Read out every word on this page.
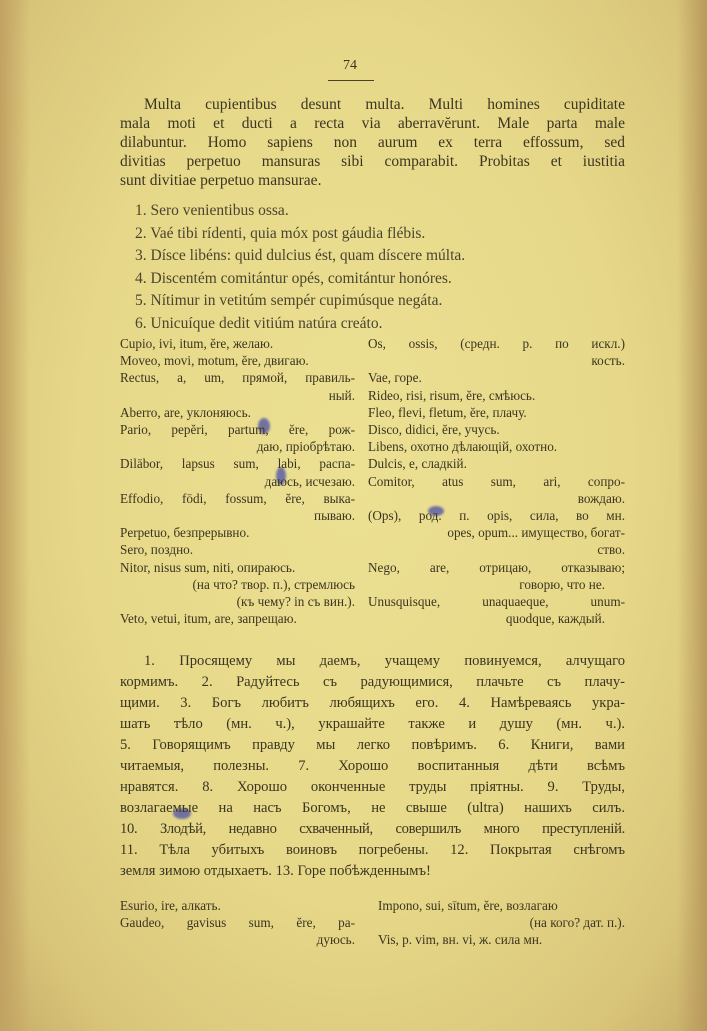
74
Multa cupientibus desunt multa. Multi homines cupiditate
mala moti et ducti a recta via aberravĕrunt. Male parta male
dilabuntur. Homo sapiens non aurum ex terra effossum, sed
divitias perpetuo mansuras sibi comparabit. Probitas et iustitia
sunt divitiae perpetuo mansurae.
1. Sero venientibus ossa.
2. Vaé tibi rídenti, quia móx post gáudia flébis.
3. Dísce libéns: quid dulcius ést, quam díscere múlta.
4. Discentém comitántur opés, comitántur honóres.
5. Nítimur in vetitúm sempér cupimúsque negáta.
6. Unicuíque dedit vitiúm natúra creáto.
Cupio, ivi, itum, ĕre, желаю.
Moveo, movi, motum, ĕre, двигаю.
Rectus, a, um, прямой, правиль-
ный.
Aberro, are, уклоняюсь.
Pario, pepĕri, partum, ĕre, рож-
даю, пріобрѣтаю.
Dilābor, lapsus sum, labi, распа-
даюсь, исчезаю.
Effodio, fōdi, fossum, ĕre, выка-
пываю.
Perpetuo, безпрерывно.
Sero, поздно.
Nitor, nisus sum, niti, опираюсь.
(на что? твор. п.), стремлюсь
(къ чему? in съ вин.).
Veto, vetui, itum, are, запрещаю.
Os, ossis, (средн. р. по искл.)
кость.
Vae, горе.
Rideo, risi, risum, ĕre, смѣюсь.
Fleo, flevi, fletum, ĕre, плачу.
Disco, didici, ĕre, учусь.
Libens, охотно дѣлающій, охотно.
Dulcis, e, сладкій.
Comitor, atus sum, ari, сопро-
вождаю.
(Ops), род. п. opis, сила, во мн.
opes, opum... имущество, богат-
ство.
Nego, are, отрицаю, отказываю;
говорю, что не.
Unusquisque, unaquaeque, unum-
quodque, каждый.
1. Просящему мы даемъ, учащему повинуемся, алчущаго
кормимъ. 2. Радуйтесь съ радующимися, плачьте съ плачу-
щими. 3. Богъ любитъ любящихъ его. 4. Намѣреваясь укра-
шать тѣло (мн. ч.), украшайте также и душу (мн. ч.).
5. Говорящимъ правду мы легко повѣримъ. 6. Книги, вами
читаемыя, полезны. 7. Хорошо воспитанныя дѣти всѣмъ
нравятся. 8. Хорошо оконченные труды пріятны. 9. Труды,
возлагаемые на насъ Богомъ, не свыше (ultra) нашихъ силъ.
10. Злодѣй, недавно схваченный, совершилъ много преступленій.
11. Тѣла убитыхъ воиновъ погребены. 12. Покрытая снѣгомъ
земля зимою отдыхаетъ. 13. Горе побѣжденнымъ!
Esurio, ire, алкать.
Gaudeo, gavisus sum, ĕre, ра-
дуюсь.
Impono, sui, sītum, ĕre, возлагаю
(на кого? дат. п.).
Vis, р. vim, вн. vi, ж. сила мн.
